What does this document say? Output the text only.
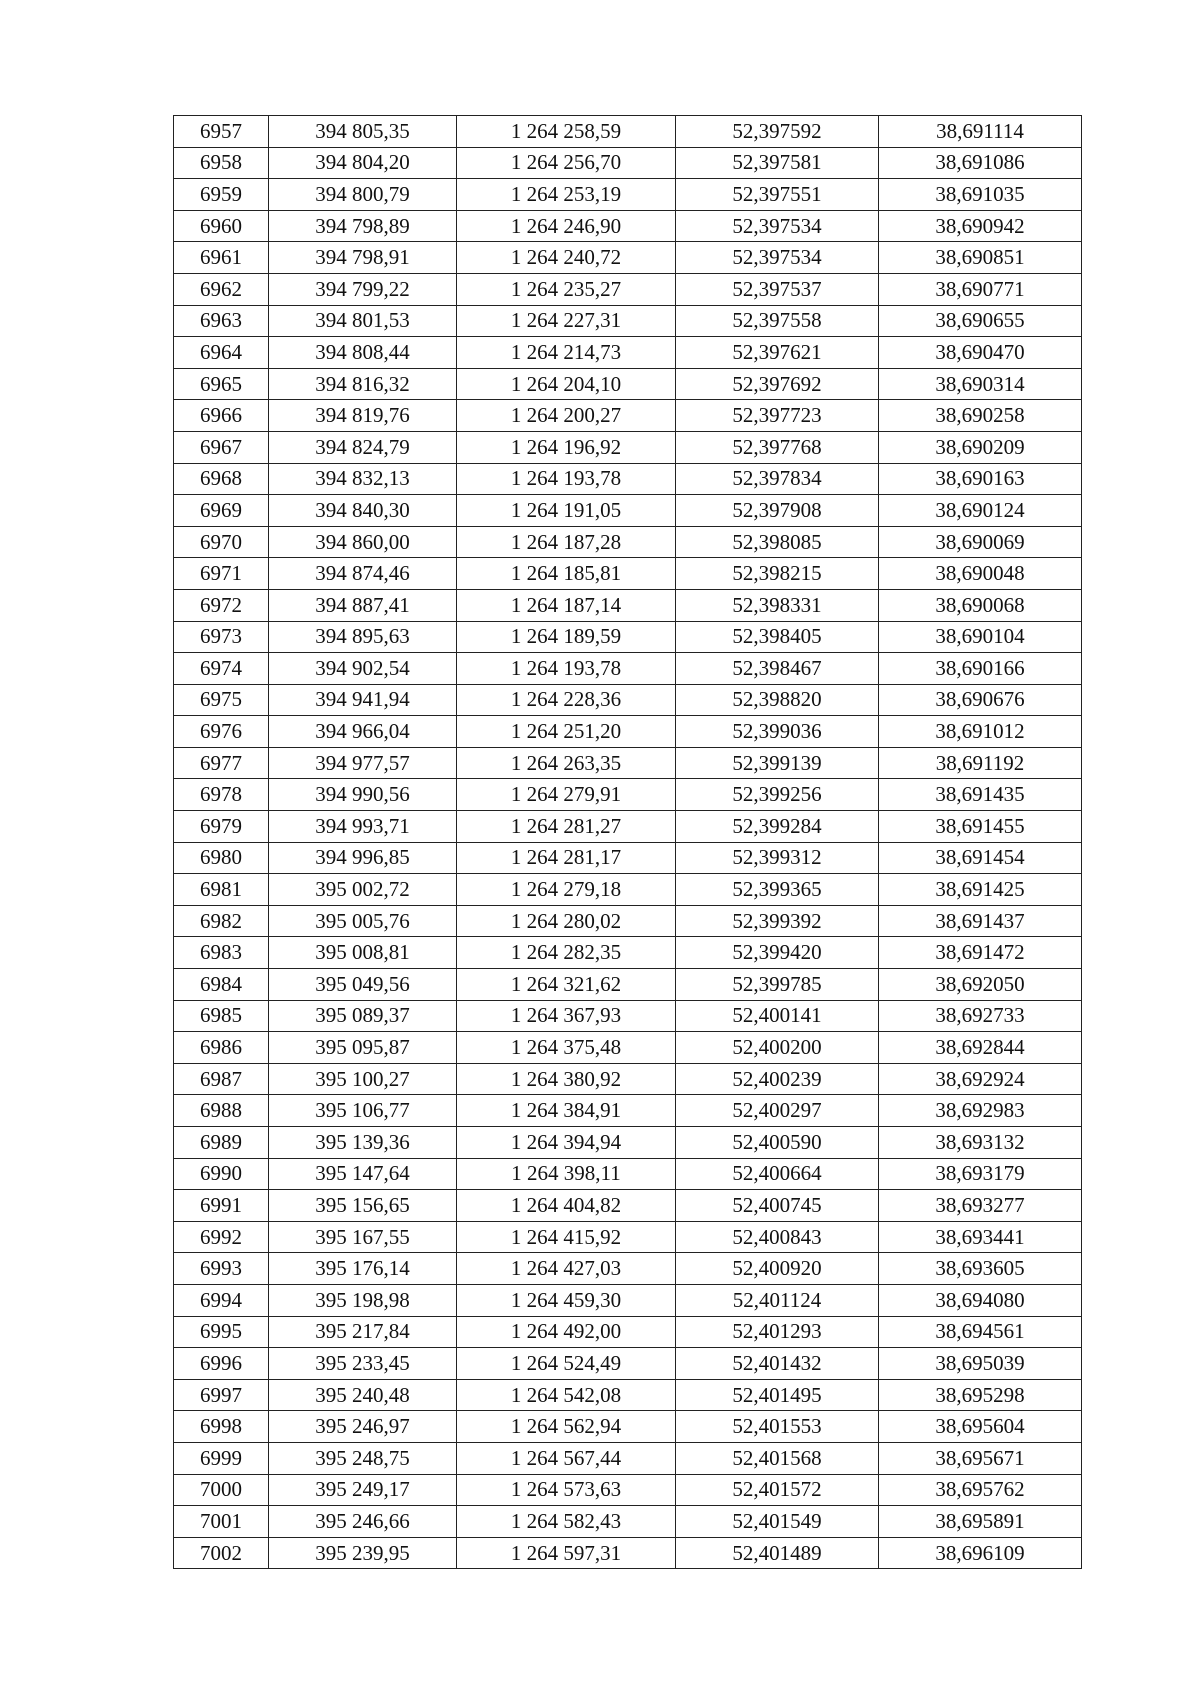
6957	394 805,35	1 264 258,59	52,397592	38,691114
6958	394 804,20	1 264 256,70	52,397581	38,691086
6959	394 800,79	1 264 253,19	52,397551	38,691035
6960	394 798,89	1 264 246,90	52,397534	38,690942
6961	394 798,91	1 264 240,72	52,397534	38,690851
6962	394 799,22	1 264 235,27	52,397537	38,690771
6963	394 801,53	1 264 227,31	52,397558	38,690655
6964	394 808,44	1 264 214,73	52,397621	38,690470
6965	394 816,32	1 264 204,10	52,397692	38,690314
6966	394 819,76	1 264 200,27	52,397723	38,690258
6967	394 824,79	1 264 196,92	52,397768	38,690209
6968	394 832,13	1 264 193,78	52,397834	38,690163
6969	394 840,30	1 264 191,05	52,397908	38,690124
6970	394 860,00	1 264 187,28	52,398085	38,690069
6971	394 874,46	1 264 185,81	52,398215	38,690048
6972	394 887,41	1 264 187,14	52,398331	38,690068
6973	394 895,63	1 264 189,59	52,398405	38,690104
6974	394 902,54	1 264 193,78	52,398467	38,690166
6975	394 941,94	1 264 228,36	52,398820	38,690676
6976	394 966,04	1 264 251,20	52,399036	38,691012
6977	394 977,57	1 264 263,35	52,399139	38,691192
6978	394 990,56	1 264 279,91	52,399256	38,691435
6979	394 993,71	1 264 281,27	52,399284	38,691455
6980	394 996,85	1 264 281,17	52,399312	38,691454
6981	395 002,72	1 264 279,18	52,399365	38,691425
6982	395 005,76	1 264 280,02	52,399392	38,691437
6983	395 008,81	1 264 282,35	52,399420	38,691472
6984	395 049,56	1 264 321,62	52,399785	38,692050
6985	395 089,37	1 264 367,93	52,400141	38,692733
6986	395 095,87	1 264 375,48	52,400200	38,692844
6987	395 100,27	1 264 380,92	52,400239	38,692924
6988	395 106,77	1 264 384,91	52,400297	38,692983
6989	395 139,36	1 264 394,94	52,400590	38,693132
6990	395 147,64	1 264 398,11	52,400664	38,693179
6991	395 156,65	1 264 404,82	52,400745	38,693277
6992	395 167,55	1 264 415,92	52,400843	38,693441
6993	395 176,14	1 264 427,03	52,400920	38,693605
6994	395 198,98	1 264 459,30	52,401124	38,694080
6995	395 217,84	1 264 492,00	52,401293	38,694561
6996	395 233,45	1 264 524,49	52,401432	38,695039
6997	395 240,48	1 264 542,08	52,401495	38,695298
6998	395 246,97	1 264 562,94	52,401553	38,695604
6999	395 248,75	1 264 567,44	52,401568	38,695671
7000	395 249,17	1 264 573,63	52,401572	38,695762
7001	395 246,66	1 264 582,43	52,401549	38,695891
7002	395 239,95	1 264 597,31	52,401489	38,696109
